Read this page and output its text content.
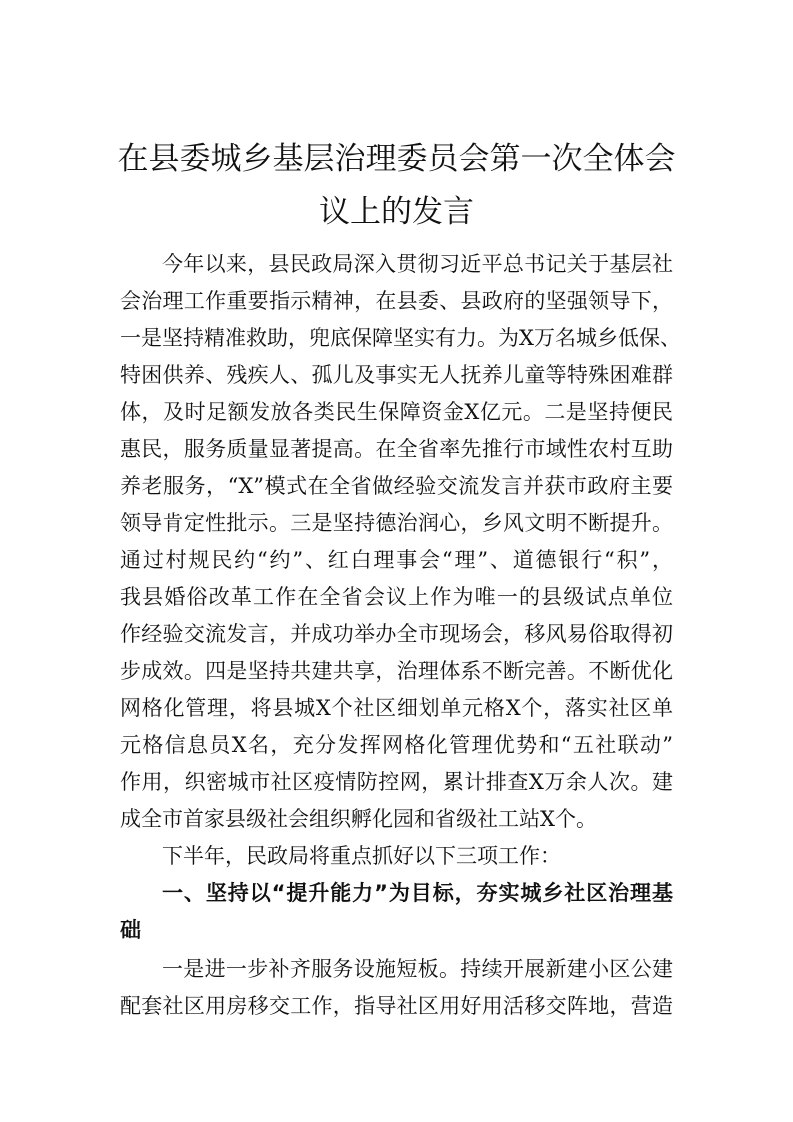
在县委城乡基层治理委员会第一次全体会
议上的发言
今年以来，县民政局深入贯彻习近平总书记关于基层社
会治理工作重要指示精神，在县委、县政府的坚强领导下，
一是坚持精准救助，兜底保障坚实有力。为X万名城乡低保、
特困供养、残疾人、孤儿及事实无人抚养儿童等特殊困难群
体，及时足额发放各类民生保障资金X亿元。二是坚持便民
惠民，服务质量显著提高。在全省率先推行市域性农村互助
养老服务，“X”模式在全省做经验交流发言并获市政府主要
领导肯定性批示。三是坚持德治润心，乡风文明不断提升。
通过村规民约“约”、红白理事会“理”、道德银行“积”，
我县婚俗改革工作在全省会议上作为唯一的县级试点单位
作经验交流发言，并成功举办全市现场会，移风易俗取得初
步成效。四是坚持共建共享，治理体系不断完善。不断优化
网格化管理，将县城X个社区细划单元格X个，落实社区单
元格信息员X名，充分发挥网格化管理优势和“五社联动”
作用，织密城市社区疫情防控网，累计排查X万余人次。建
成全市首家县级社会组织孵化园和省级社工站X个。
下半年，民政局将重点抓好以下三项工作：
一、坚持以“提升能力”为目标，夯实城乡社区治理基
础
一是进一步补齐服务设施短板。持续开展新建小区公建
配套社区用房移交工作，指导社区用好用活移交阵地，营造
